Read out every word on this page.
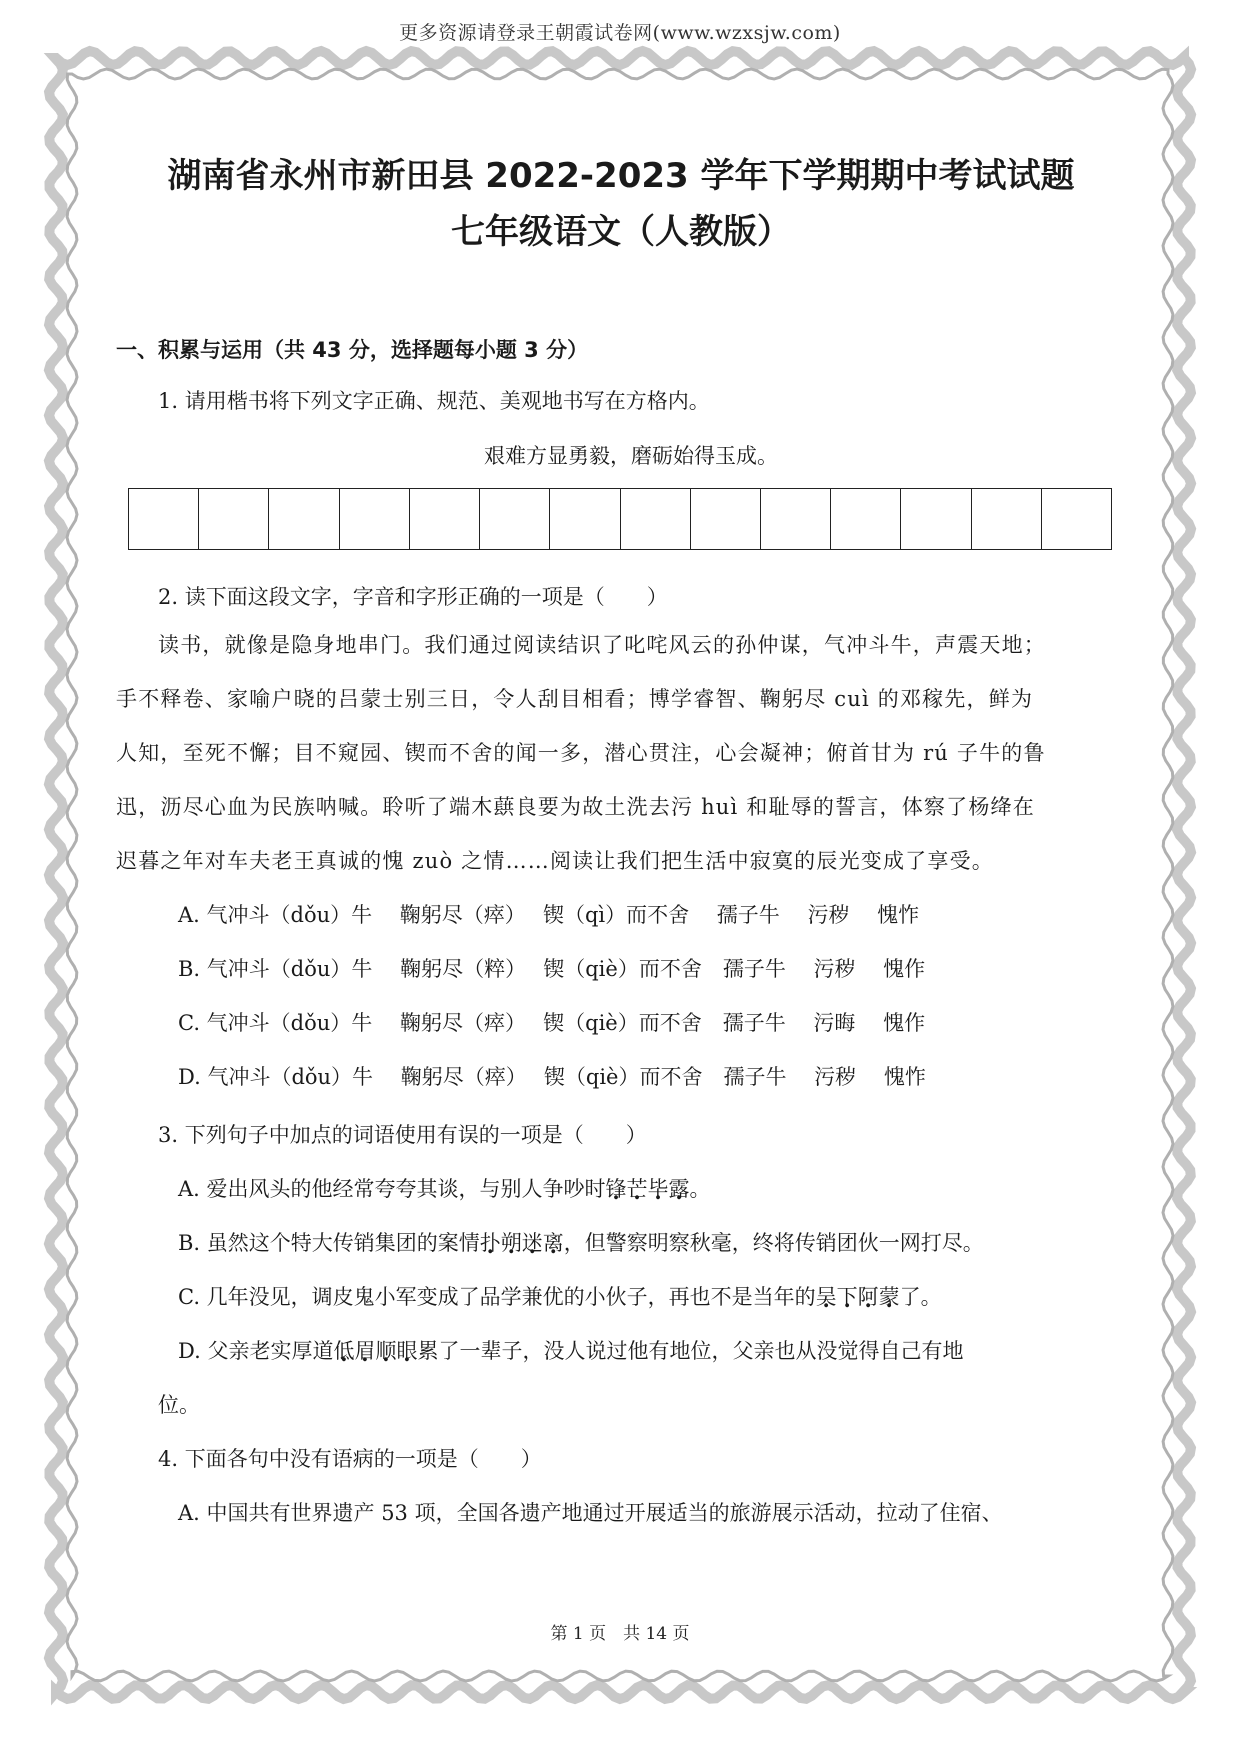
更多资源请登录王朝霞试卷网(www.wzxsjw.com)
湖南省永州市新田县 2022-2023 学年下学期期中考试试题
七年级语文（人教版）
一、积累与运用（共 43 分，选择题每小题 3 分）
1. 请用楷书将下列文字正确、规范、美观地书写在方格内。
艰难方显勇毅，磨砺始得玉成。
2. 读下面这段文字，字音和字形正确的一项是（　　）

读书，就像是隐身地串门。我们通过阅读结识了叱咤风云的孙仲谋，气冲斗牛，声震天地；

手不释卷、家喻户晓的吕蒙士别三日，令人刮目相看；博学睿智、鞠躬尽 cuì 的邓稼先，鲜为

人知，至死不懈；目不窥园、锲而不舍的闻一多，潜心贯注，心会凝神；俯首甘为 rú 子牛的鲁

迅，沥尽心血为民族呐喊。聆听了端木蕻良要为故土洗去污 huì 和耻辱的誓言，体察了杨绛在

迟暮之年对车夫老王真诚的愧 zuò 之情……阅读让我们把生活中寂寞的辰光变成了享受。

A. 气冲斗（dǒu）牛　 鞠躬尽（瘁）　 锲（qì）而不舍　 孺子牛　 污秽　 愧怍
B. 气冲斗（dǒu）牛　 鞠躬尽（粹）　 锲（qiè）而不舍　孺子牛　 污秽　 愧作
C. 气冲斗（dǒu）牛　 鞠躬尽（瘁）　 锲（qiè）而不舍　孺子牛　 污晦　 愧作
D. 气冲斗（dǒu）牛　 鞠躬尽（瘁）　 锲（qiè）而不舍　孺子牛　 污秽　 愧怍
3. 下列句子中加点的词语使用有误的一项是（　　）
A. 爱出风头的他经常夸夸其谈，与别人争吵时锋 .芒 .毕 .露 .。
B. 虽然这个特大传销集团的案情扑 .朔 .迷 .离 .，但警察明察秋毫，终将传销团伙一网打尽。
C. 几年没见，调皮鬼小军变成了品学兼优的小伙子，再也不是当年的吴 .下 .阿 .蒙 .了。
D. 父亲老实厚道低 .眉 .顺 .眼 .累了一辈子，没人说过他有地位，父亲也从没觉得自己有地
位。
4. 下面各句中没有语病的一项是（　　）
A. 中国共有世界遗产 53 项，全国各遗产地通过开展适当的旅游展示活动，拉动了住宿、
第 1 页　共 14 页
